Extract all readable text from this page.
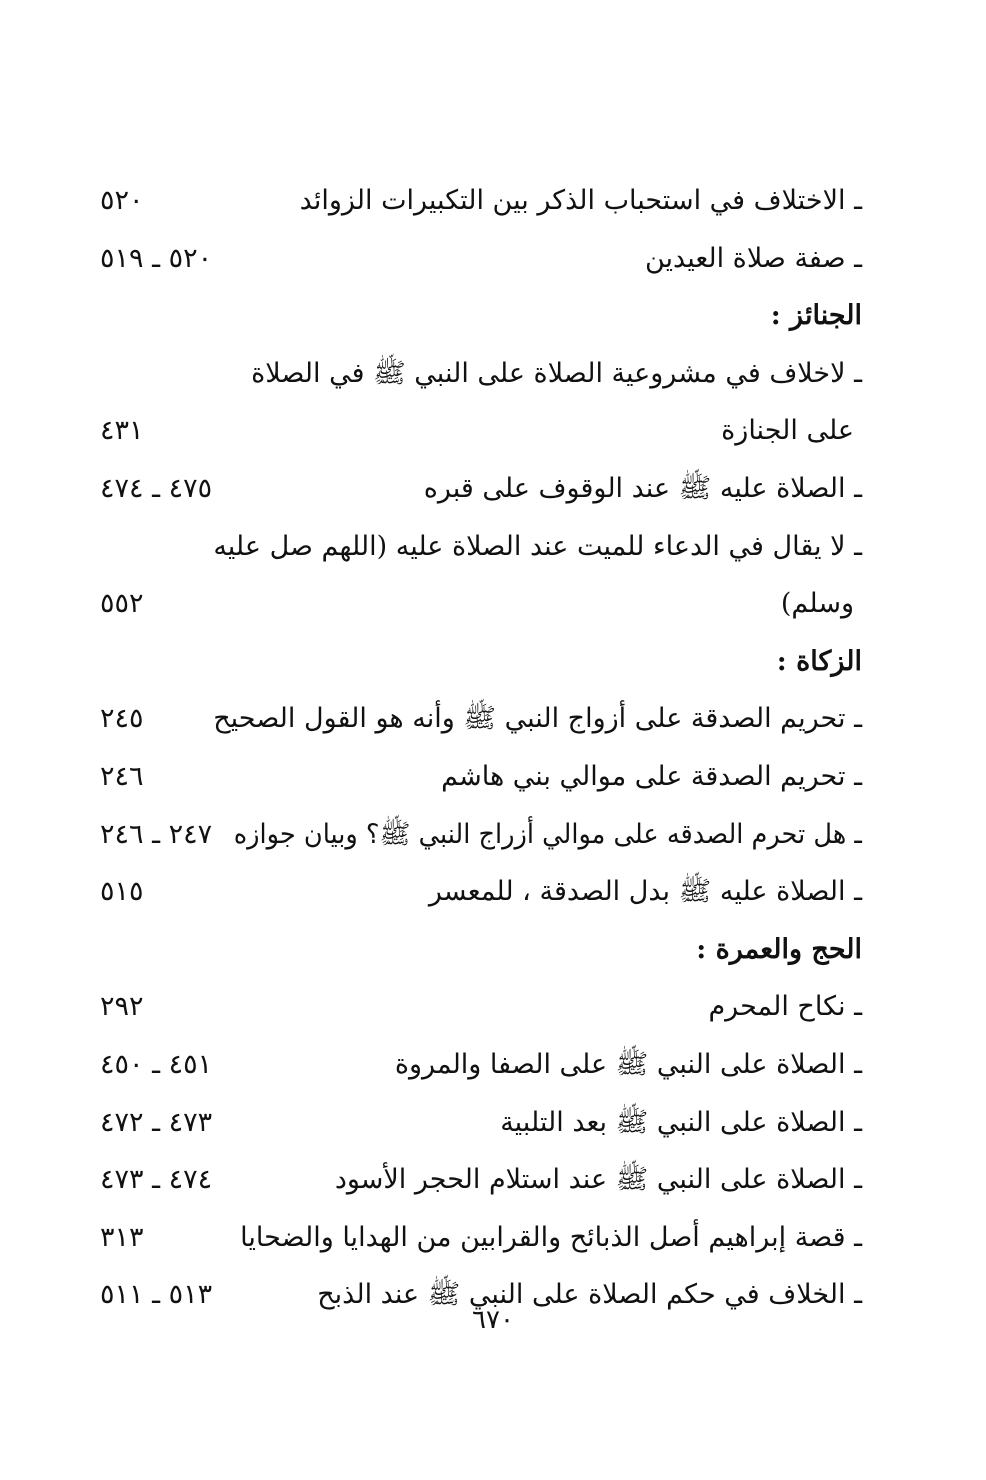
ـ الاختلاف في استحباب الذكر بين التكبيرات الزوائد
٥٢٠
ـ صفة صلاة العيدين
٥٢٠ ـ ٥١٩
الجنائز :
ـ لاخلاف في مشروعية الصلاة على النبي ﷺ في الصلاة
على الجنازة
٤٣١
ـ الصلاة عليه ﷺ عند الوقوف على قبره
٤٧٥ ـ ٤٧٤
ـ لا يقال في الدعاء للميت عند الصلاة عليه (اللهم صل عليه
وسلم)
٥٥٢
الزكاة :
ـ تحريم الصدقة على أزواج النبي ﷺ وأنه هو القول الصحيح
٢٤٥
ـ تحريم الصدقة على موالي بني هاشم
٢٤٦
ـ هل تحرم الصدقه على موالي أزراج النبي ﷺ؟ وبيان جوازه
٢٤٧ ـ ٢٤٦
ـ الصلاة عليه ﷺ بدل الصدقة ، للمعسر
٥١٥
الحج والعمرة :
ـ نكاح المحرم
٢٩٢
ـ الصلاة على النبي ﷺ على الصفا والمروة
٤٥١ ـ ٤٥٠
ـ الصلاة على النبي ﷺ بعد التلبية
٤٧٣ ـ ٤٧٢
ـ الصلاة على النبي ﷺ عند استلام الحجر الأسود
٤٧٤ ـ ٤٧٣
ـ قصة إبراهيم أصل الذبائح والقرابين من الهدايا والضحايا
٣١٣
ـ الخلاف في حكم الصلاة على النبي ﷺ عند الذبح
٥١٣ ـ ٥١١
٦٧٠
